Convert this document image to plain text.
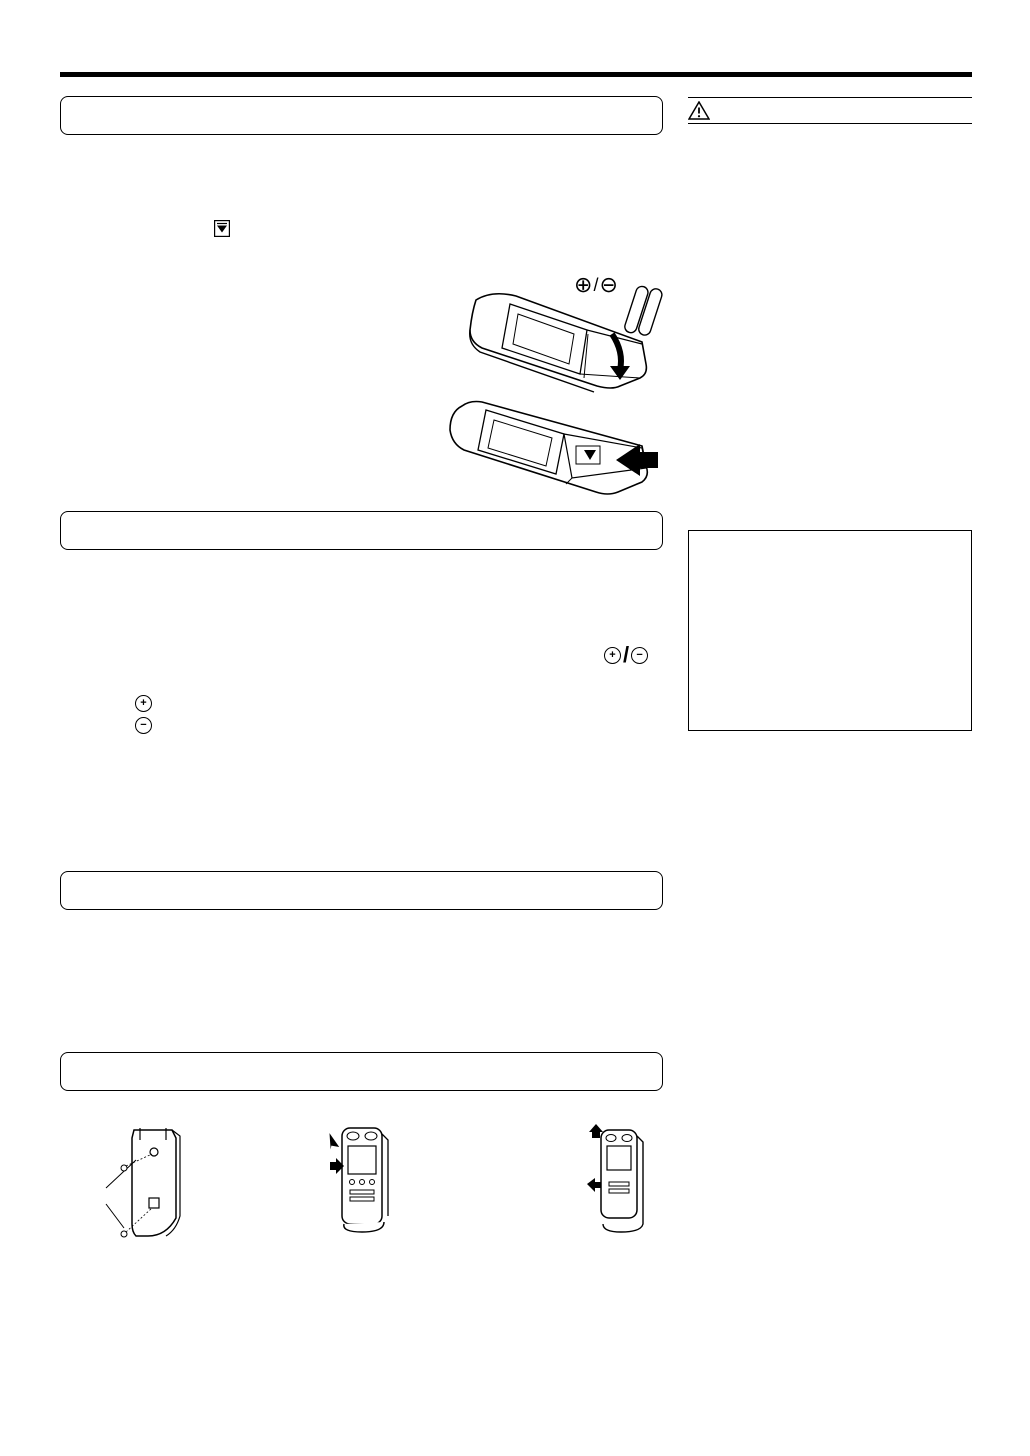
⊕ / ⊖
+ / −
+
−
